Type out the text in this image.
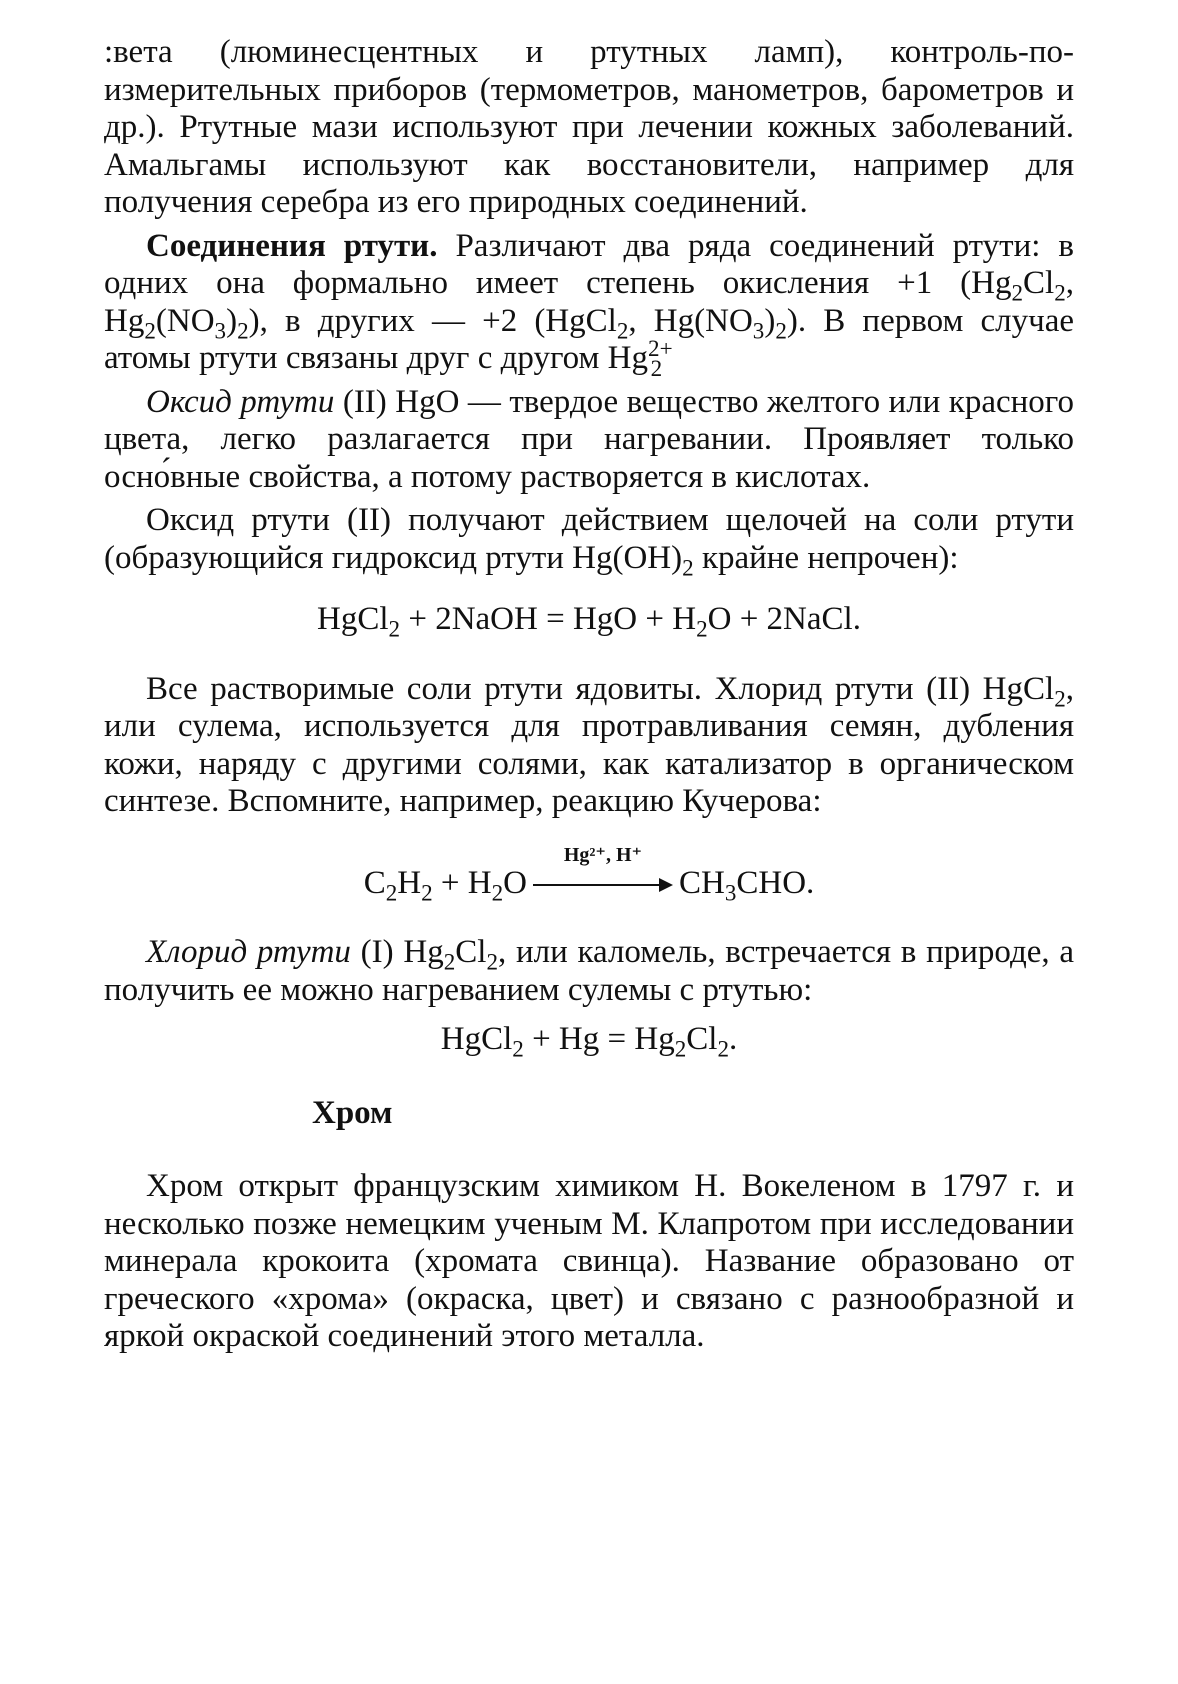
:вета (люминесцентных и ртутных ламп), контроль-по-измерительных приборов (термометров, манометров, барометров и др.). Ртутные мази используют при лечении кожных заболеваний. Амальгамы используют как восстановители, например для получения серебра из его природных соединений.

Соединения ртути. Различают два ряда соединений ртути: в одних она формально имеет степень окисления +1 ($Hg_2Cl_2$, $Hg_2(NO_3)_2$), в других — +2 (HgCl$_2$, $Hg(NO_3)_2$). В первом случае атомы ртути связаны друг с другом $Hg^{2+}_2$

Оксид ртути (II) HgO — твердое вещество желтого или красного цвета, легко разлагается при нагревании. Проявляет только осно́вные свойства, а потому растворяется в кислотах.

Оксид ртути (II) получают действием щелочей на соли ртути (образующийся гидроксид ртути $Hg(OH)_2$ крайне непрочен):

HgCl$_2$ + 2NaOH = HgO + $H_2O$ + 2NaCl.

Все растворимые соли ртути ядовиты. Хлорид ртути (II) HgCl$_2$, или сулема, используется для протравливания семян, дубления кожи, наряду с другими солями, как катализатор в органическом синтезе. Вспомните, например, реакцию Кучерова:

$C_2H_2 + H_2O$
Hg²⁺, H⁺
$CH_3CHO$.

Хлорид ртути (I) $Hg_2Cl_2$, или каломель, встречается в природе, а получить ее можно нагреванием сулемы с ртутью:

HgCl$_2$ + $Hg = Hg_2Cl_2$.
Хром

Хром открыт французским химиком Н. Вокеленом в 1797 г. и несколько позже немецким ученым М. Клапротом при исследовании минерала крокоита (хромата свинца). Название образовано от греческого «хрома» (окраска, цвет) и связано с разнообразной и яркой окраской соединений этого металла.
